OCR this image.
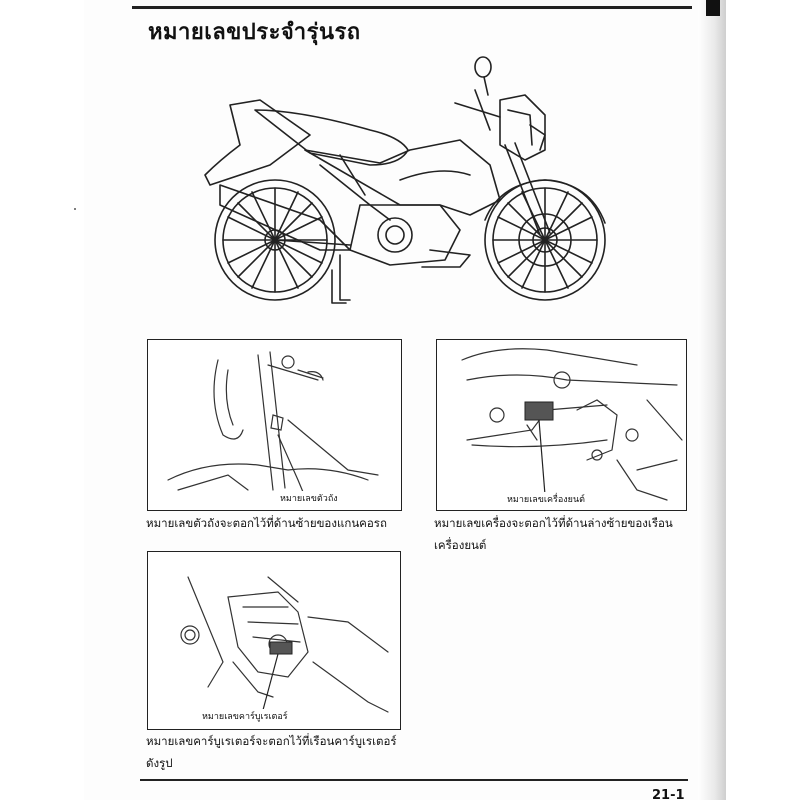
หมายเลขประจำรุ่นรถ
หมายเลขตัวถัง
หมายเลขตัวถังจะตอกไว้ที่ด้านซ้ายของแกนคอรถ
หมายเลขเครื่องยนต์
หมายเลขเครื่องจะตอกไว้ที่ด้านล่างซ้ายของเรือน
เครื่องยนต์
หมายเลขคาร์บูเรเตอร์
หมายเลขคาร์บูเรเตอร์จะตอกไว้ที่เรือนคาร์บูเรเตอร์
ดังรูป
21-1
